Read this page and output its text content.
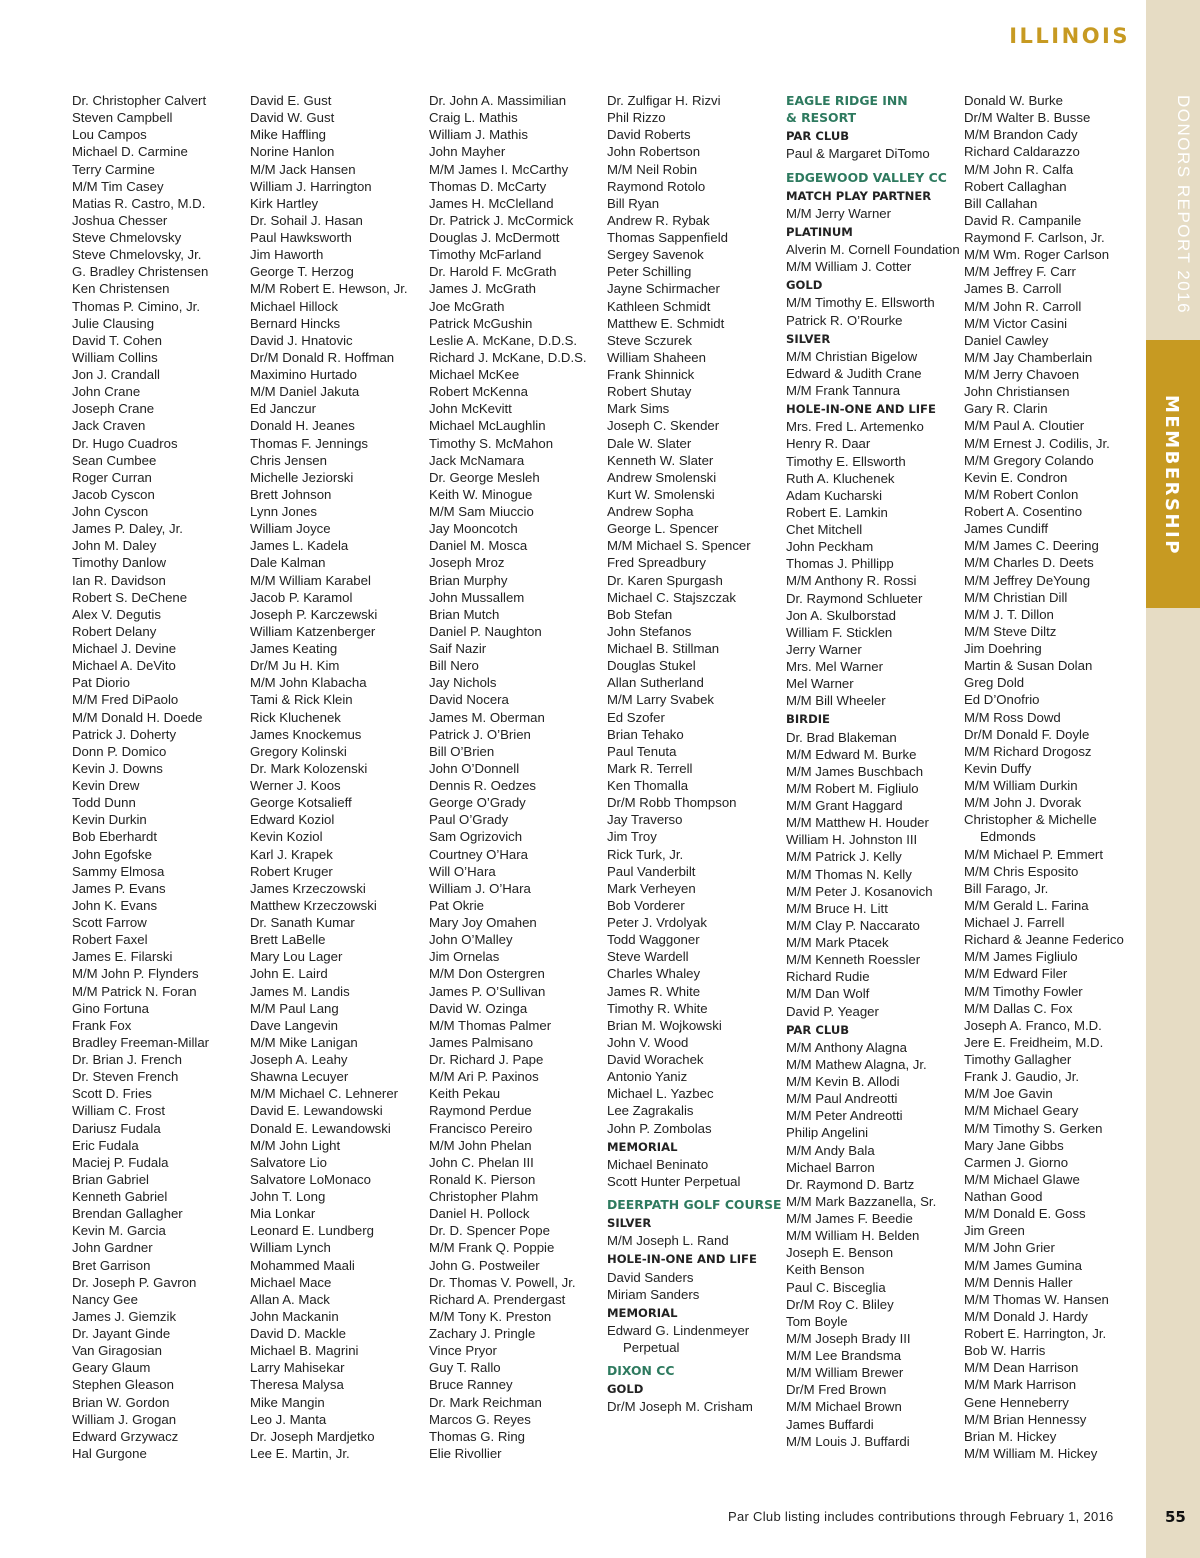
ILLINOIS
DONORS REPORT 2016
MEMBERSHIP
Dr. Christopher Calvert
Steven Campbell
Lou Campos
Michael D. Carmine
Terry Carmine
M/M Tim Casey
Matias R. Castro, M.D.
Joshua Chesser
Steve Chmelovsky
Steve Chmelovsky, Jr.
G. Bradley Christensen
Ken Christensen
Thomas P. Cimino, Jr.
Julie Clausing
David T. Cohen
William Collins
Jon J. Crandall
John Crane
Joseph Crane
Jack Craven
Dr. Hugo Cuadros
Sean Cumbee
Roger Curran
Jacob Cyscon
John Cyscon
James P. Daley, Jr.
John M. Daley
Timothy Danlow
Ian R. Davidson
Robert S. DeChene
Alex V. Degutis
Robert Delany
Michael J. Devine
Michael A. DeVito
Pat Diorio
M/M Fred DiPaolo
M/M Donald H. Doede
Patrick J. Doherty
Donn P. Domico
Kevin J. Downs
Kevin Drew
Todd Dunn
Kevin Durkin
Bob Eberhardt
John Egofske
Sammy Elmosa
James P. Evans
John K. Evans
Scott Farrow
Robert Faxel
James E. Filarski
M/M John P. Flynders
M/M Patrick N. Foran
Gino Fortuna
Frank Fox
Bradley Freeman-Millar
Dr. Brian J. French
Dr. Steven French
Scott D. Fries
William C. Frost
Dariusz Fudala
Eric Fudala
Maciej P. Fudala
Brian Gabriel
Kenneth Gabriel
Brendan Gallagher
Kevin M. Garcia
John Gardner
Bret Garrison
Dr. Joseph P. Gavron
Nancy Gee
James J. Giemzik
Dr. Jayant Ginde
Van Giragosian
Geary Glaum
Stephen Gleason
Brian W. Gordon
William J. Grogan
Edward Grzywacz
Hal Gurgone
David E. Gust
David W. Gust
Mike Haffling
Norine Hanlon
M/M Jack Hansen
William J. Harrington
Kirk Hartley
Dr. Sohail J. Hasan
Paul Hawksworth
Jim Haworth
George T. Herzog
M/M Robert E. Hewson, Jr.
Michael Hillock
Bernard Hincks
David J. Hnatovic
Dr/M Donald R. Hoffman
Maximino Hurtado
M/M Daniel Jakuta
Ed Janczur
Donald H. Jeanes
Thomas F. Jennings
Chris Jensen
Michelle Jeziorski
Brett Johnson
Lynn Jones
William Joyce
James L. Kadela
Dale Kalman
M/M William Karabel
Jacob P. Karamol
Joseph P. Karczewski
William Katzenberger
James Keating
Dr/M Ju H. Kim
M/M John Klabacha
Tami & Rick Klein
Rick Kluchenek
James Knockemus
Gregory Kolinski
Dr. Mark Kolozenski
Werner J. Koos
George Kotsalieff
Edward Koziol
Kevin Koziol
Karl J. Krapek
Robert Kruger
James Krzeczowski
Matthew Krzeczowski
Dr. Sanath Kumar
Brett LaBelle
Mary Lou Lager
John E. Laird
James M. Landis
M/M Paul Lang
Dave Langevin
M/M Mike Lanigan
Joseph A. Leahy
Shawna Lecuyer
M/M Michael C. Lehnerer
David E. Lewandowski
Donald E. Lewandowski
M/M John Light
Salvatore Lio
Salvatore LoMonaco
John T. Long
Mia Lonkar
Leonard E. Lundberg
William Lynch
Mohammed Maali
Michael Mace
Allan A. Mack
John Mackanin
David D. Mackle
Michael B. Magrini
Larry Mahisekar
Theresa Malysa
Mike Mangin
Leo J. Manta
Dr. Joseph Mardjetko
Lee E. Martin, Jr.
Dr. John A. Massimilian
Craig L. Mathis
William J. Mathis
John Mayher
M/M James I. McCarthy
Thomas D. McCarty
James H. McClelland
Dr. Patrick J. McCormick
Douglas J. McDermott
Timothy McFarland
Dr. Harold F. McGrath
James J. McGrath
Joe McGrath
Patrick McGushin
Leslie A. McKane, D.D.S.
Richard J. McKane, D.D.S.
Michael McKee
Robert McKenna
John McKevitt
Michael McLaughlin
Timothy S. McMahon
Jack McNamara
Dr. George Mesleh
Keith W. Minogue
M/M Sam Miuccio
Jay Mooncotch
Daniel M. Mosca
Joseph Mroz
Brian Murphy
John Mussallem
Brian Mutch
Daniel P. Naughton
Saif Nazir
Bill Nero
Jay Nichols
David Nocera
James M. Oberman
Patrick J. O’Brien
Bill O’Brien
John O’Donnell
Dennis R. Oedzes
George O’Grady
Paul O’Grady
Sam Ogrizovich
Courtney O’Hara
Will O’Hara
William J. O’Hara
Pat Okrie
Mary Joy Omahen
John O’Malley
Jim Ornelas
M/M Don Ostergren
James P. O’Sullivan
David W. Ozinga
M/M Thomas Palmer
James Palmisano
Dr. Richard J. Pape
M/M Ari P. Paxinos
Keith Pekau
Raymond Perdue
Francisco Pereiro
M/M John Phelan
John C. Phelan III
Ronald K. Pierson
Christopher Plahm
Daniel H. Pollock
Dr. D. Spencer Pope
M/M Frank Q. Poppie
John G. Postweiler
Dr. Thomas V. Powell, Jr.
Richard A. Prendergast
M/M Tony K. Preston
Zachary J. Pringle
Vince Pryor
Guy T. Rallo
Bruce Ranney
Dr. Mark Reichman
Marcos G. Reyes
Thomas G. Ring
Elie Rivollier
Dr. Zulfigar H. Rizvi
Phil Rizzo
David Roberts
John Robertson
M/M Neil Robin
Raymond Rotolo
Bill Ryan
Andrew R. Rybak
Thomas Sappenfield
Sergey Savenok
Peter Schilling
Jayne Schirmacher
Kathleen Schmidt
Matthew E. Schmidt
Steve Sczurek
William Shaheen
Frank Shinnick
Robert Shutay
Mark Sims
Joseph C. Skender
Dale W. Slater
Kenneth W. Slater
Andrew Smolenski
Kurt W. Smolenski
Andrew Sopha
George L. Spencer
M/M Michael S. Spencer
Fred Spreadbury
Dr. Karen Spurgash
Michael C. Stajszczak
Bob Stefan
John Stefanos
Michael B. Stillman
Douglas Stukel
Allan Sutherland
M/M Larry Svabek
Ed Szofer
Brian Tehako
Paul Tenuta
Mark R. Terrell
Ken Thomalla
Dr/M Robb Thompson
Jay Traverso
Jim Troy
Rick Turk, Jr.
Paul Vanderbilt
Mark Verheyen
Bob Vorderer
Peter J. Vrdolyak
Todd Waggoner
Steve Wardell
Charles Whaley
James R. White
Timothy R. White
Brian M. Wojkowski
John V. Wood
David Worachek
Antonio Yaniz
Michael L. Yazbec
Lee Zagrakalis
John P. Zombolas
MEMORIAL
Michael Beninato
Scott Hunter Perpetual
DEERPATH GOLF COURSE
SILVER
M/M Joseph L. Rand
HOLE-IN-ONE AND LIFE
David Sanders
Miriam Sanders
MEMORIAL
Edward G. Lindenmeyer
Perpetual
DIXON CC
GOLD
Dr/M Joseph M. Crisham
EAGLE RIDGE INN
& RESORT
PAR CLUB
Paul & Margaret DiTomo
EDGEWOOD VALLEY CC
MATCH PLAY PARTNER
M/M Jerry Warner
PLATINUM
Alverin M. Cornell Foundation
M/M William J. Cotter
GOLD
M/M Timothy E. Ellsworth
Patrick R. O’Rourke
SILVER
M/M Christian Bigelow
Edward & Judith Crane
M/M Frank Tannura
HOLE-IN-ONE AND LIFE
Mrs. Fred L. Artemenko
Henry R. Daar
Timothy E. Ellsworth
Ruth A. Kluchenek
Adam Kucharski
Robert E. Lamkin
Chet Mitchell
John Peckham
Thomas J. Phillipp
M/M Anthony R. Rossi
Dr. Raymond Schlueter
Jon A. Skulborstad
William F. Sticklen
Jerry Warner
Mrs. Mel Warner
Mel Warner
M/M Bill Wheeler
BIRDIE
Dr. Brad Blakeman
M/M Edward M. Burke
M/M James Buschbach
M/M Robert M. Figliulo
M/M Grant Haggard
M/M Matthew H. Houder
William H. Johnston III
M/M Patrick J. Kelly
M/M Thomas N. Kelly
M/M Peter J. Kosanovich
M/M Bruce H. Litt
M/M Clay P. Naccarato
M/M Mark Ptacek
M/M Kenneth Roessler
Richard Rudie
M/M Dan Wolf
David P. Yeager
PAR CLUB
M/M Anthony Alagna
M/M Mathew Alagna, Jr.
M/M Kevin B. Allodi
M/M Paul Andreotti
M/M Peter Andreotti
Philip Angelini
M/M Andy Bala
Michael Barron
Dr. Raymond D. Bartz
M/M Mark Bazzanella, Sr.
M/M James F. Beedie
M/M William H. Belden
Joseph E. Benson
Keith Benson
Paul C. Bisceglia
Dr/M Roy C. Bliley
Tom Boyle
M/M Joseph Brady III
M/M Lee Brandsma
M/M William Brewer
Dr/M Fred Brown
M/M Michael Brown
James Buffardi
M/M Louis J. Buffardi
Donald W. Burke
Dr/M Walter B. Busse
M/M Brandon Cady
Richard Caldarazzo
M/M John R. Calfa
Robert Callaghan
Bill Callahan
David R. Campanile
Raymond F. Carlson, Jr.
M/M Wm. Roger Carlson
M/M Jeffrey F. Carr
James B. Carroll
M/M John R. Carroll
M/M Victor Casini
Daniel Cawley
M/M Jay Chamberlain
M/M Jerry Chavoen
John Christiansen
Gary R. Clarin
M/M Paul A. Cloutier
M/M Ernest J. Codilis, Jr.
M/M Gregory Colando
Kevin E. Condron
M/M Robert Conlon
Robert A. Cosentino
James Cundiff
M/M James C. Deering
M/M Charles D. Deets
M/M Jeffrey DeYoung
M/M Christian Dill
M/M J. T. Dillon
M/M Steve Diltz
Jim Doehring
Martin & Susan Dolan
Greg Dold
Ed D’Onofrio
M/M Ross Dowd
Dr/M Donald F. Doyle
M/M Richard Drogosz
Kevin Duffy
M/M William Durkin
M/M John J. Dvorak
Christopher & Michelle
Edmonds
M/M Michael P. Emmert
M/M Chris Esposito
Bill Farago, Jr.
M/M Gerald L. Farina
Michael J. Farrell
Richard & Jeanne Federico
M/M James Figliulo
M/M Edward Filer
M/M Timothy Fowler
M/M Dallas C. Fox
Joseph A. Franco, M.D.
Jere E. Freidheim, M.D.
Timothy Gallagher
Frank J. Gaudio, Jr.
M/M Joe Gavin
M/M Michael Geary
M/M Timothy S. Gerken
Mary Jane Gibbs
Carmen J. Giorno
M/M Michael Glawe
Nathan Good
M/M Donald E. Goss
Jim Green
M/M John Grier
M/M James Gumina
M/M Dennis Haller
M/M Thomas W. Hansen
M/M Donald J. Hardy
Robert E. Harrington, Jr.
Bob W. Harris
M/M Dean Harrison
M/M Mark Harrison
Gene Henneberry
M/M Brian Hennessy
Brian M. Hickey
M/M William M. Hickey
Par Club listing includes contributions through February 1, 2016	55
